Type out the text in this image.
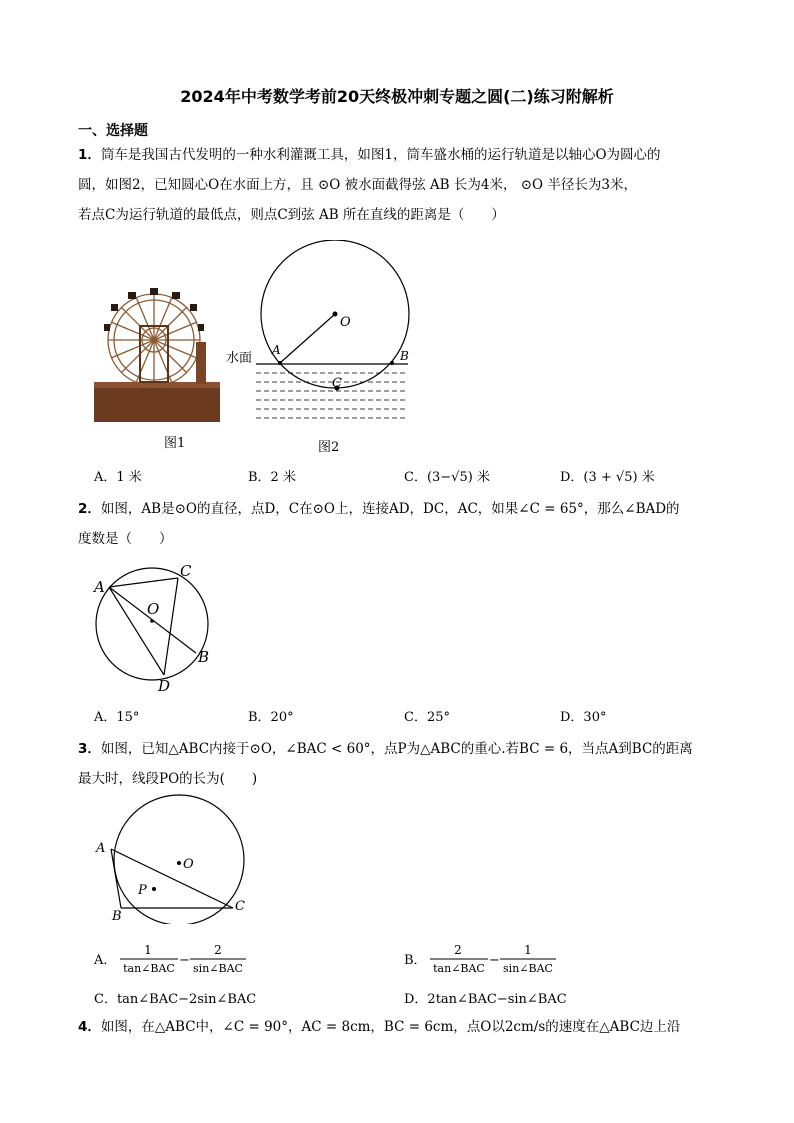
2024年中考数学考前20天终极冲刺专题之圆(二)练习附解析
一、选择题
1．筒车是我国古代发明的一种水利灌溉工具，如图1，筒车盛水桶的运行轨道是以轴心O为圆心的
圆，如图2，已知圆心O在水面上方，且 ⊙O 被水面截得弦 AB 长为4米， ⊙O 半径长为3米，
若点C为运行轨道的最低点，则点C到弦 AB 所在直线的距离是（　　）
图1
O
A	B
C
水面
图2
A．1 米	B．2 米	C．(3−√5) 米	D．(3 + √5) 米
2．如图，AB是⊙O的直径，点D，C在⊙O上，连接AD，DC，AC，如果∠C = 65°，那么∠BAD的
度数是（　　）
A
C
O
B
D
A．15°	B．20°	C．25°	D．30°
3．如图，已知△ABC内接于⊙O，∠BAC < 60°，点P为△ABC的重心.若BC = 6，当点A到BC的距离
最大时，线段PO的长为(　　)
A
O
P
B
C
A．
1
tan∠BAC
−
2
sin∠BAC
B．
2
tan∠BAC
−
1
sin∠BAC
C．tan∠BAC−2sin∠BAC	D．2tan∠BAC−sin∠BAC
4．如图，在△ABC中，∠C = 90°，AC = 8cm，BC = 6cm，点O以2cm/s的速度在△ABC边上沿
